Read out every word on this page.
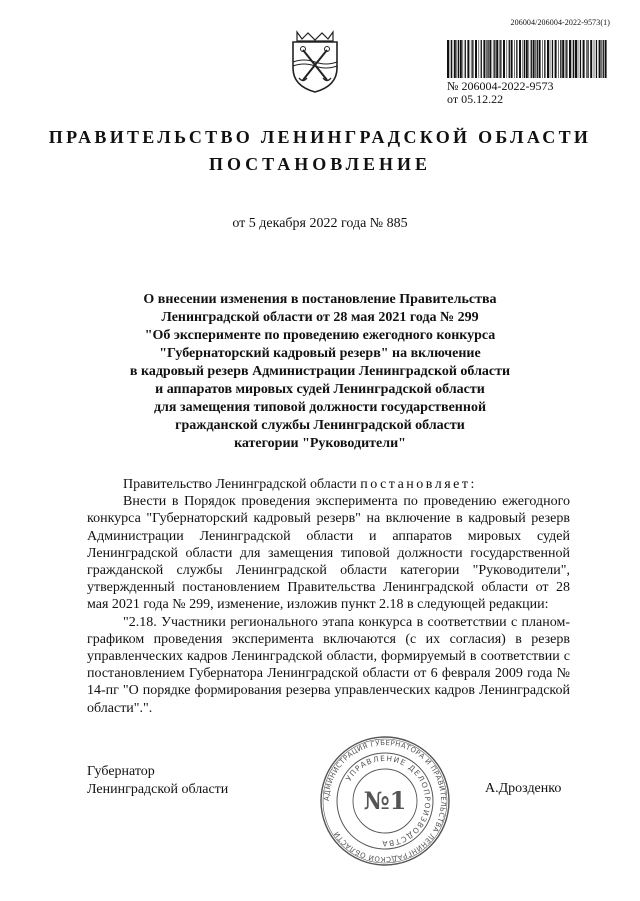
206004/206004-2022-9573(1)
№ 206004-2022-9573
от 05.12.22
ПРАВИТЕЛЬСТВО ЛЕНИНГРАДСКОЙ ОБЛАСТИ
ПОСТАНОВЛЕНИЕ
от 5 декабря 2022 года № 885
О внесении изменения в постановление Правительства
Ленинградской области от 28 мая 2021 года № 299
"Об эксперименте по проведению ежегодного конкурса
"Губернаторский кадровый резерв" на включение
в кадровый резерв Администрации Ленинградской области
и аппаратов мировых судей Ленинградской области
для замещения типовой должности государственной
гражданской службы Ленинградской области
категории "Руководители"

Правительство Ленинградской области постановляет:

Внести в Порядок проведения эксперимента по проведению ежегодного конкурса "Губернаторский кадровый резерв" на включение в кадровый резерв Администрации Ленинградской области и аппаратов мировых судей Ленинградской области для замещения типовой должности государственной гражданской службы Ленинградской области категории "Руководители", утвержденный постановлением Правительства Ленинградской области от 28 мая 2021 года № 299, изменение, изложив пункт 2.18 в следующей редакции:

"2.18. Участники регионального этапа конкурса в соответствии с планом-графиком проведения эксперимента включаются (с их согласия) в резерв управленческих кадров Ленинградской области, формируемый в соответствии с постановлением Губернатора Ленинградской области от 6 февраля 2009 года № 14-пг "О порядке формирования резерва управленческих кадров Ленинградской области".".

Губернатор
Ленинградской области	А.Дрозденко
АДМИНИСТРАЦИЯ ГУБЕРНАТОРА И ПРАВИТЕЛЬСТВА ЛЕНИНГРАДСКОЙ ОБЛАСТИ
УПРАВЛЕНИЕ ДЕЛОПРОИЗВОДСТВА
№1
